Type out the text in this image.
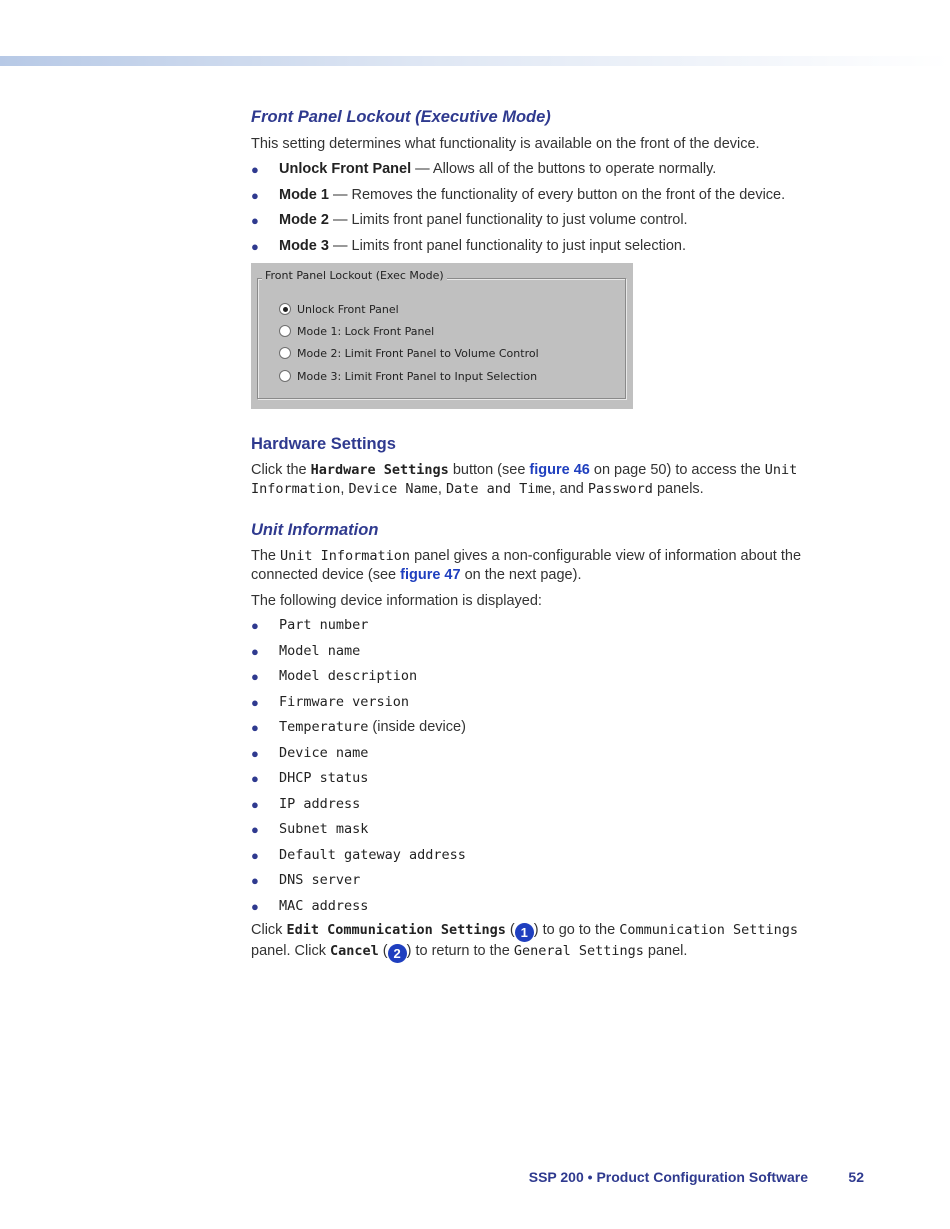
Front Panel Lockout (Executive Mode)

This setting determines what functionality is available on the front of the device.

● Unlock Front Panel — Allows all of the buttons to operate normally.
● Mode 1 — Removes the functionality of every button on the front of the device.
● Mode 2 — Limits front panel functionality to just volume control.
● Mode 3 — Limits front panel functionality to just input selection.
Front Panel Lockout (Exec Mode)
Unlock Front Panel
Mode 1: Lock Front Panel
Mode 2: Limit Front Panel to Volume Control
Mode 3: Limit Front Panel to Input Selection
Hardware Settings

Click the Hardware Settings button (see figure 46 on page 50) to access the Unit Information, Device Name, Date and Time, and Password panels.

Unit Information

The Unit Information panel gives a non-configurable view of information about the connected device (see figure 47 on the next page).

The following device information is displayed:

● Part number
● Model name
● Model description
● Firmware version
● Temperature (inside device)
● Device name
● DHCP status
● IP address
● Subnet mask
● Default gateway address
● DNS server
● MAC address

Click Edit Communication Settings ( 1 ) to go to the Communication Settings panel. Click Cancel ( 2 ) to return to the General Settings panel.

SSP 200 • Product Configuration Software	52
